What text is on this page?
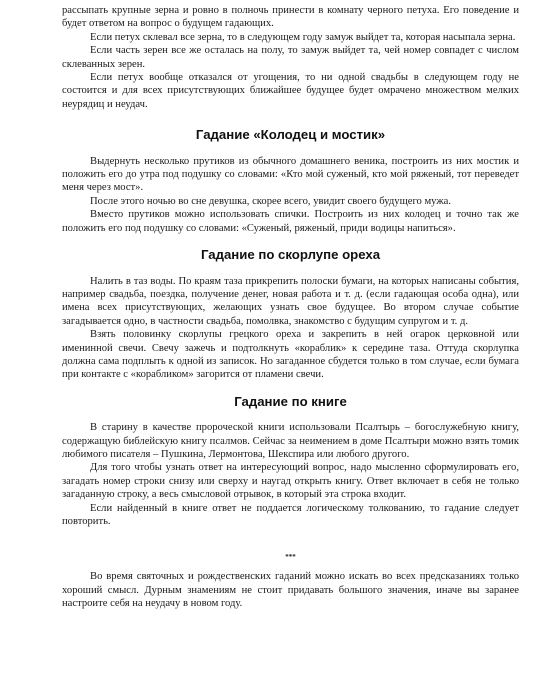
рассыпать крупные зерна и ровно в полночь принести в комнату черного петуха. Его поведение и будет ответом на вопрос о будущем гадающих.

Если петух склевал все зерна, то в следующем году замуж выйдет та, которая насыпала зерна.

Если часть зерен все же осталась на полу, то замуж выйдет та, чей номер совпадет с числом склеванных зерен.

Если петух вообще отказался от угощения, то ни одной свадьбы в следующем году не состоится и для всех присутствующих ближайшее будущее будет омрачено множеством мелких неурядиц и неудач.

Гадание «Колодец и мостик»

Выдернуть несколько прутиков из обычного домашнего веника, построить из них мостик и положить его до утра под подушку со словами: «Кто мой суженый, кто мой ряженый, тот переведет меня через мост».

После этого ночью во сне девушка, скорее всего, увидит своего будущего мужа.

Вместо прутиков можно использовать спички. Построить из них колодец и точно так же положить его под подушку со словами: «Суженый, ряженый, приди водицы напиться».

Гадание по скорлупе ореха

Налить в таз воды. По краям таза прикрепить полоски бумаги, на которых написаны события, например свадьба, поездка, получение денег, новая работа и т. д. (если гадающая особа одна), или имена всех присутствующих, желающих узнать свое будущее. Во втором случае событие загадывается одно, в частности свадьба, помолвка, знакомство с будущим супругом и т. д.

Взять половинку скорлупы грецкого ореха и закрепить в ней огарок церковной или именинной свечи. Свечу зажечь и подтолкнуть «кораблик» к середине таза. Оттуда скорлупка должна сама подплыть к одной из записок. Но загаданное сбудется только в том случае, если бумага при контакте с «корабликом» загорится от пламени свечи.

Гадание по книге

В старину в качестве пророческой книги использовали Псалтырь – богослужебную книгу, содержащую библейскую книгу псалмов. Сейчас за неимением в доме Псалтыри можно взять томик любимого писателя – Пушкина, Лермонтова, Шекспира или любого другого.

Для того чтобы узнать ответ на интересующий вопрос, надо мысленно сформулировать его, загадать номер строки снизу или сверху и наугад открыть книгу. Ответ включает в себя не только загаданную строку, а весь смысловой отрывок, в который эта строка входит.

Если найденный в книге ответ не поддается логическому толкованию, то гадание следует повторить.

***

Во время святочных и рождественских гаданий можно искать во всех предсказаниях только хороший смысл. Дурным знамениям не стоит придавать большого значения, иначе вы заранее настроите себя на неудачу в новом году.
